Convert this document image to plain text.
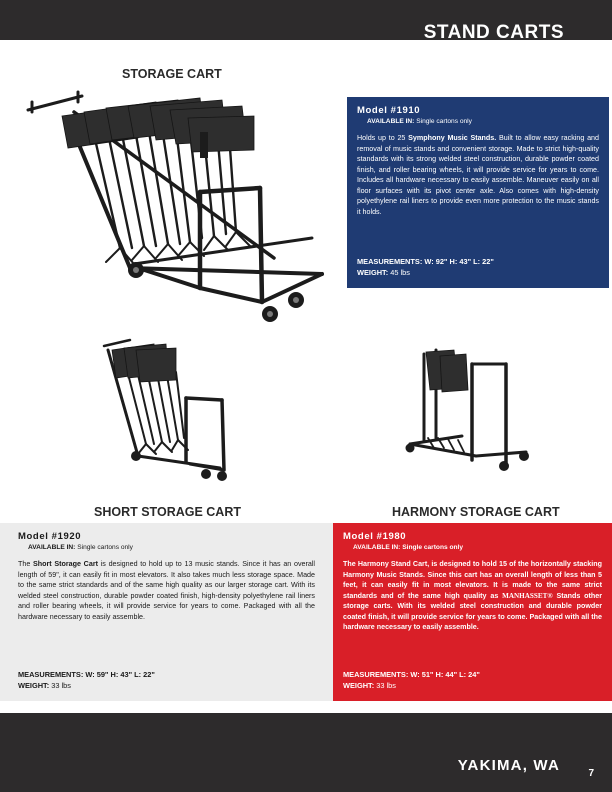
STAND CARTS
STORAGE CART
Model #1910
AVAILABLE IN: Single cartons only
Holds up to 25 Symphony Music Stands. Built to allow easy racking and removal of music stands and convenient storage. Made to strict high-quality standards with its strong welded steel construction, durable powder coated finish, and roller bearing wheels, it will provide service for years to come. Includes all hardware necessary to easily assemble. Maneuver easily on all floor surfaces with its pivot center axle. Also comes with high-density polyethylene rail liners to provide even more protection to the music stands it holds.
MEASUREMENTS: W: 92" H: 43" L: 22"
WEIGHT: 45 lbs
SHORT STORAGE CART	HARMONY STORAGE CART
Model #1920
AVAILABLE IN: Single cartons only
The Short Storage Cart is designed to hold up to 13 music stands. Since it has an overall length of 59", it can easily fit in most elevators. It also takes much less storage space. Made to the same strict standards and of the same high quality as our larger storage cart. With its welded steel construction, durable powder coated finish, high-density polyethylene rail liners and roller bearing wheels, it will provide service for years to come. Packaged with all the hardware necessary to easily assemble.
MEASUREMENTS: W: 59" H: 43" L: 22"
WEIGHT: 33 lbs
Model #1980
AVAILABLE IN: Single cartons only
The Harmony Stand Cart, is designed to hold 15 of the horizontally stacking Harmony Music Stands. Since this cart has an overall length of less than 5 feet, it can easily fit in most elevators. It is made to the same strict standards and of the same high quality as MANHASSET® Stands other storage carts. With its welded steel construction and durable powder coated finish, it will provide service for years to come. Packaged with all the hardware necessary to easily assemble.
MEASUREMENTS: W: 51" H: 44" L: 24"
WEIGHT: 33 lbs
YAKIMA, WA	7
